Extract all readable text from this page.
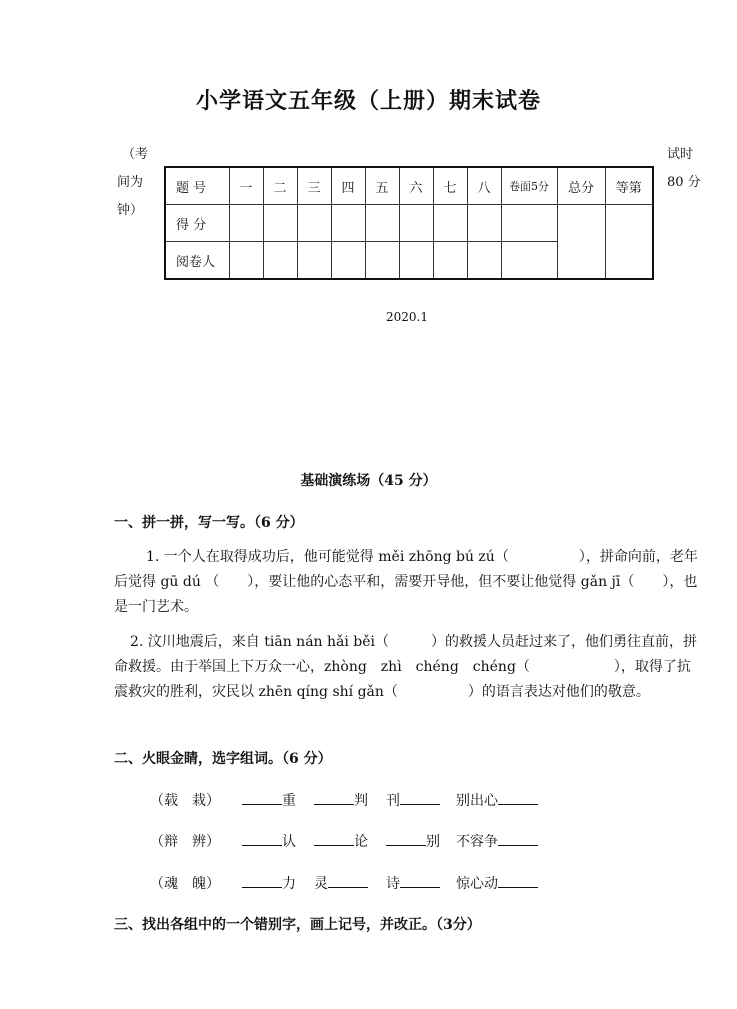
小学语文五年级（上册）期末试卷
（考
间为
钟）
试时
80 分
题 号	一	二	三	四	五	六	七	八	卷面5分	总分	等第
得 分											
阅卷人											
2020.1
基础演练场（45 分）
一、拼一拼，写一写。（6 分）
1. 一个人在取得成功后，他可能觉得 měi zhōng bú zú（　　　　　），拼命向前，老年后觉得 gū dú （　　），要让他的心态平和，需要开导他，但不要让他觉得 gǎn jī（　　），也是一门艺术。
2. 汶川地震后，来自 tiān nán hǎi běi（　　　）的救援人员赶过来了，他们勇往直前，拼命救援。由于举国上下万众一心，zhòng　zhì　chéng　chéng（　　　　　　），取得了抗震救灾的胜利，灾民以 zhēn qíng shí gǎn（　　　　　）的语言表达对他们的敬意。
二、火眼金睛，选字组词。（6 分）
（载　栽）	重	判 刊	别出心
（辩　辨）	认	论	别 不容争
（魂　魄）	力 灵	诗	惊心动
三、找出各组中的一个错别字，画上记号，并改正。（3分）
